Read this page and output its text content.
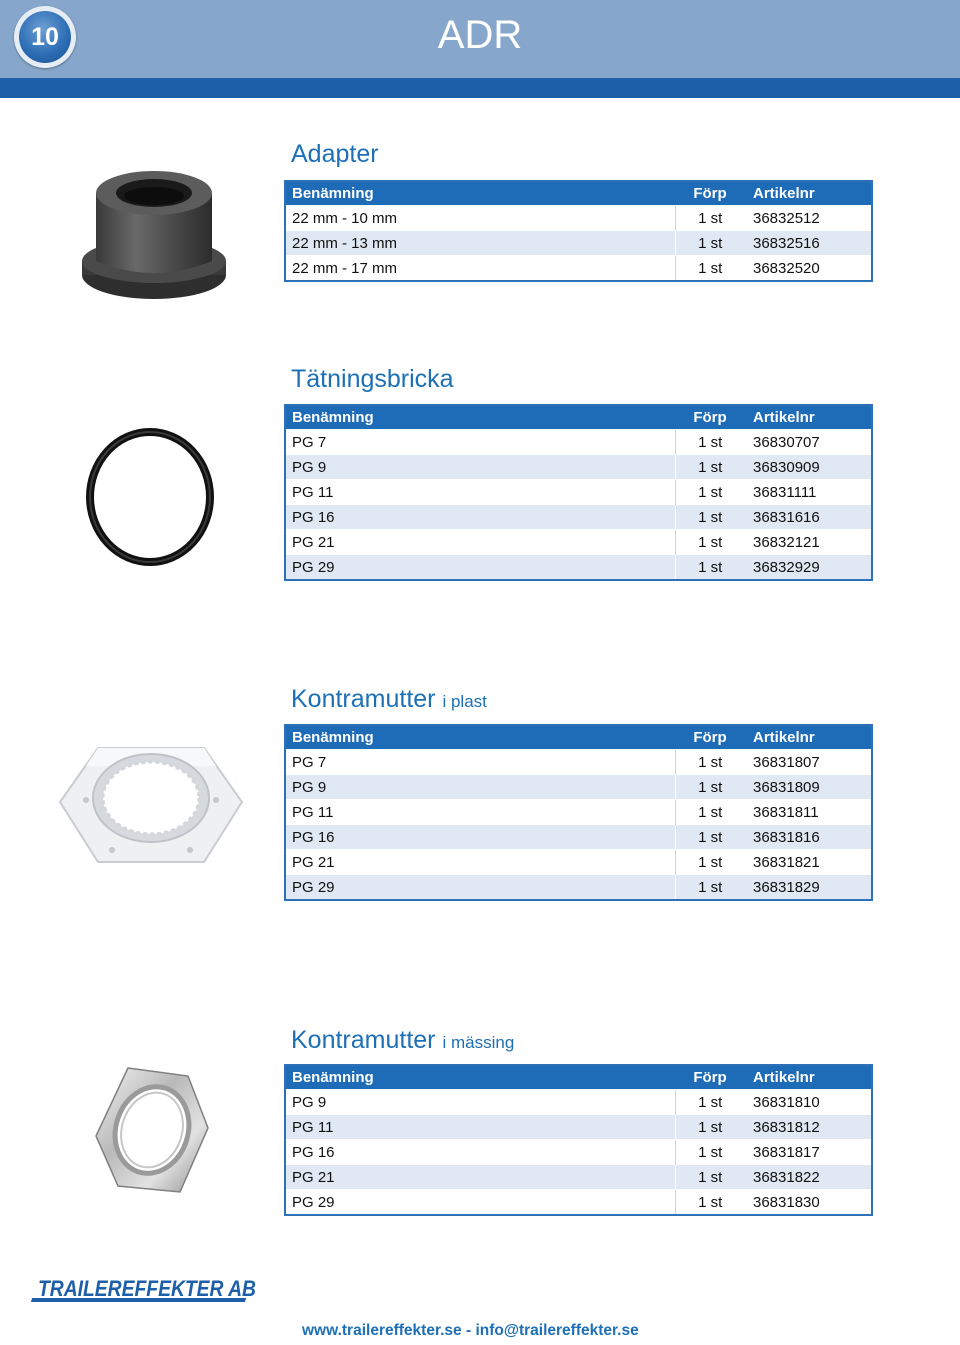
10	ADR
Adapter
Benämning	Förp	Artikelnr
22 mm - 10 mm	1 st	36832512
22 mm - 13 mm	1 st	36832516
22 mm - 17 mm	1 st	36832520
Tätningsbricka
Benämning	Förp	Artikelnr
PG 7	1 st	36830707
PG 9	1 st	36830909
PG 11	1 st	36831111
PG 16	1 st	36831616
PG 21	1 st	36832121
PG 29	1 st	36832929
Kontramutter i plast
Benämning	Förp	Artikelnr
PG 7	1 st	36831807
PG 9	1 st	36831809
PG 11	1 st	36831811
PG 16	1 st	36831816
PG 21	1 st	36831821
PG 29	1 st	36831829
Kontramutter i mässing
Benämning	Förp	Artikelnr
PG 9	1 st	36831810
PG 11	1 st	36831812
PG 16	1 st	36831817
PG 21	1 st	36831822
PG 29	1 st	36831830
TRAILEREFFEKTER AB
www.trailereffekter.se - info@trailereffekter.se
